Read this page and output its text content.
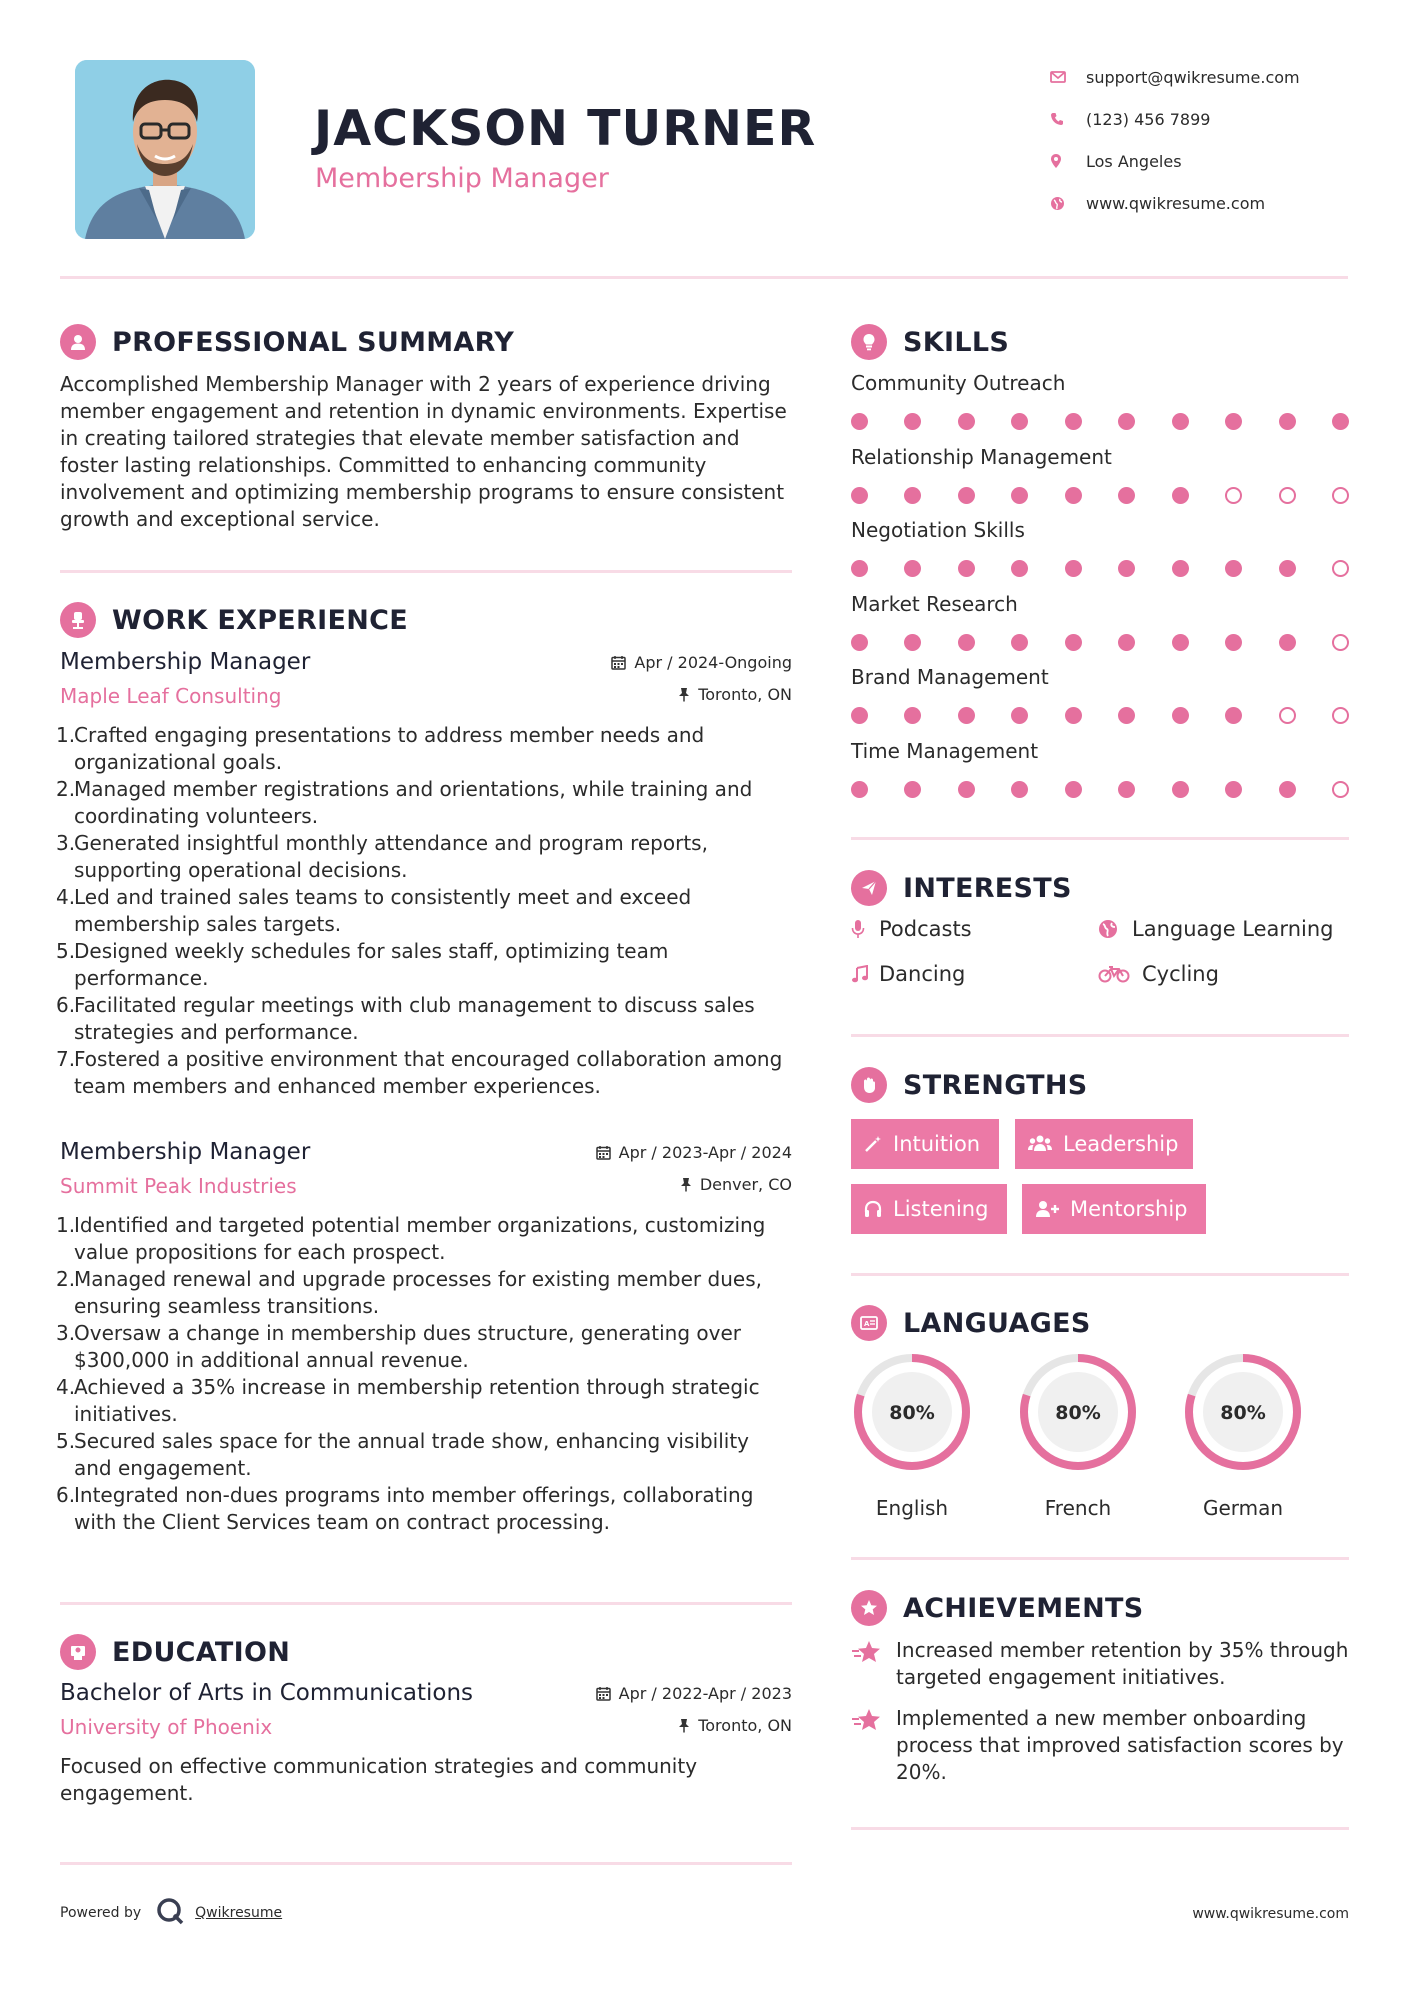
JACKSON TURNER
Membership Manager
support@qwikresume.com
(123) 456 7899
Los Angeles
www.qwikresume.com
PROFESSIONAL SUMMARY
Accomplished Membership Manager with 2 years of experience driving member engagement and retention in dynamic environments. Expertise in creating tailored strategies that elevate member satisfaction and foster lasting relationships. Committed to enhancing community involvement and optimizing membership programs to ensure consistent growth and exceptional service.
WORK EXPERIENCE
Membership Manager
Maple Leaf Consulting
Apr / 2024-Ongoing
Toronto, ON
1.
Crafted engaging presentations to address member needs and organizational goals.
2.
Managed member registrations and orientations, while training and coordinating volunteers.
3.
Generated insightful monthly attendance and program reports, supporting operational decisions.
4.
Led and trained sales teams to consistently meet and exceed membership sales targets.
5.
Designed weekly schedules for sales staff, optimizing team performance.
6.
Facilitated regular meetings with club management to discuss sales strategies and performance.
7.
Fostered a positive environment that encouraged collaboration among team members and enhanced member experiences.
Membership Manager
Summit Peak Industries
Apr / 2023-Apr / 2024
Denver, CO
1.
Identified and targeted potential member organizations, customizing value propositions for each prospect.
2.
Managed renewal and upgrade processes for existing member dues, ensuring seamless transitions.
3.
Oversaw a change in membership dues structure, generating over $300,000 in additional annual revenue.
4.
Achieved a 35% increase in membership retention through strategic initiatives.
5.
Secured sales space for the annual trade show, enhancing visibility and engagement.
6.
Integrated non-dues programs into member offerings, collaborating with the Client Services team on contract processing.
EDUCATION
Bachelor of Arts in Communications
University of Phoenix
Apr / 2022-Apr / 2023
Toronto, ON
Focused on effective communication strategies and community engagement.
SKILLS
Community Outreach
Relationship Management
Negotiation Skills
Market Research
Brand Management
Time Management
INTERESTS
Podcasts	Language Learning
Dancing	Cycling
STRENGTHS
Intuition	Leadership
Listening	Mentorship
A LANGUAGES
80%
English
80%
French
80%
German
ACHIEVEMENTS
Increased member retention by 35% through targeted engagement initiatives.
Implemented a new member onboarding process that improved satisfaction scores by 20%.
Powered by	Qwikresume	www.qwikresume.com
